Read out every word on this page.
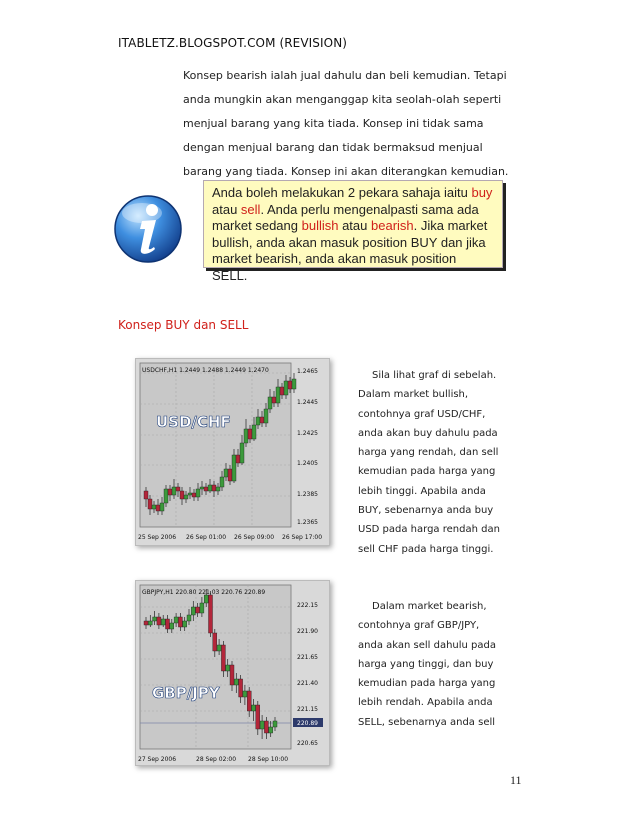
ITABLETZ.BLOGSPOT.COM (REVISION)

Konsep bearish ialah jual dahulu dan beli kemudian. Tetapi

anda mungkin akan menganggap kita seolah-olah seperti

menjual barang yang kita tiada. Konsep ini tidak sama

dengan menjual barang dan tidak bermaksud menjual

barang yang tiada. Konsep ini akan diterangkan kemudian.

Anda boleh melakukan 2 pekara sahaja iaitu buy
atau sell. Anda perlu mengenalpasti sama ada
market sedang bullish atau bearish. Jika market
bullish, anda akan masuk position BUY dan jika
market bearish, anda akan masuk position SELL.
Konsep BUY dan SELL
USDCHF,H1 1.2449 1.2488 1.2449 1.2470
USD/CHF
1.2465
1.2445
1.2425
1.2405
1.2385
1.2365
25 Sep 2006 26 Sep 01:00 26 Sep 09:00 26 Sep 17:00
GBPJPY,H1 220.80 221.03 220.76 220.89
GBP/JPY
222.15
221.90
221.65
221.40
221.15
220.89
220.65
27 Sep 2006	28 Sep 02:00 28 Sep 10:00

Sila lihat graf di sebelah.

Dalam market bullish,

contohnya graf USD/CHF,

anda akan buy dahulu pada

harga yang rendah, dan sell

kemudian pada harga yang

lebih tinggi. Apabila anda

BUY, sebenarnya anda buy

USD pada harga rendah dan

sell CHF pada harga tinggi.

Dalam market bearish,

contohnya graf GBP/JPY,

anda akan sell dahulu pada

harga yang tinggi, dan buy

kemudian pada harga yang

lebih rendah. Apabila anda

SELL, sebenarnya anda sell

11
